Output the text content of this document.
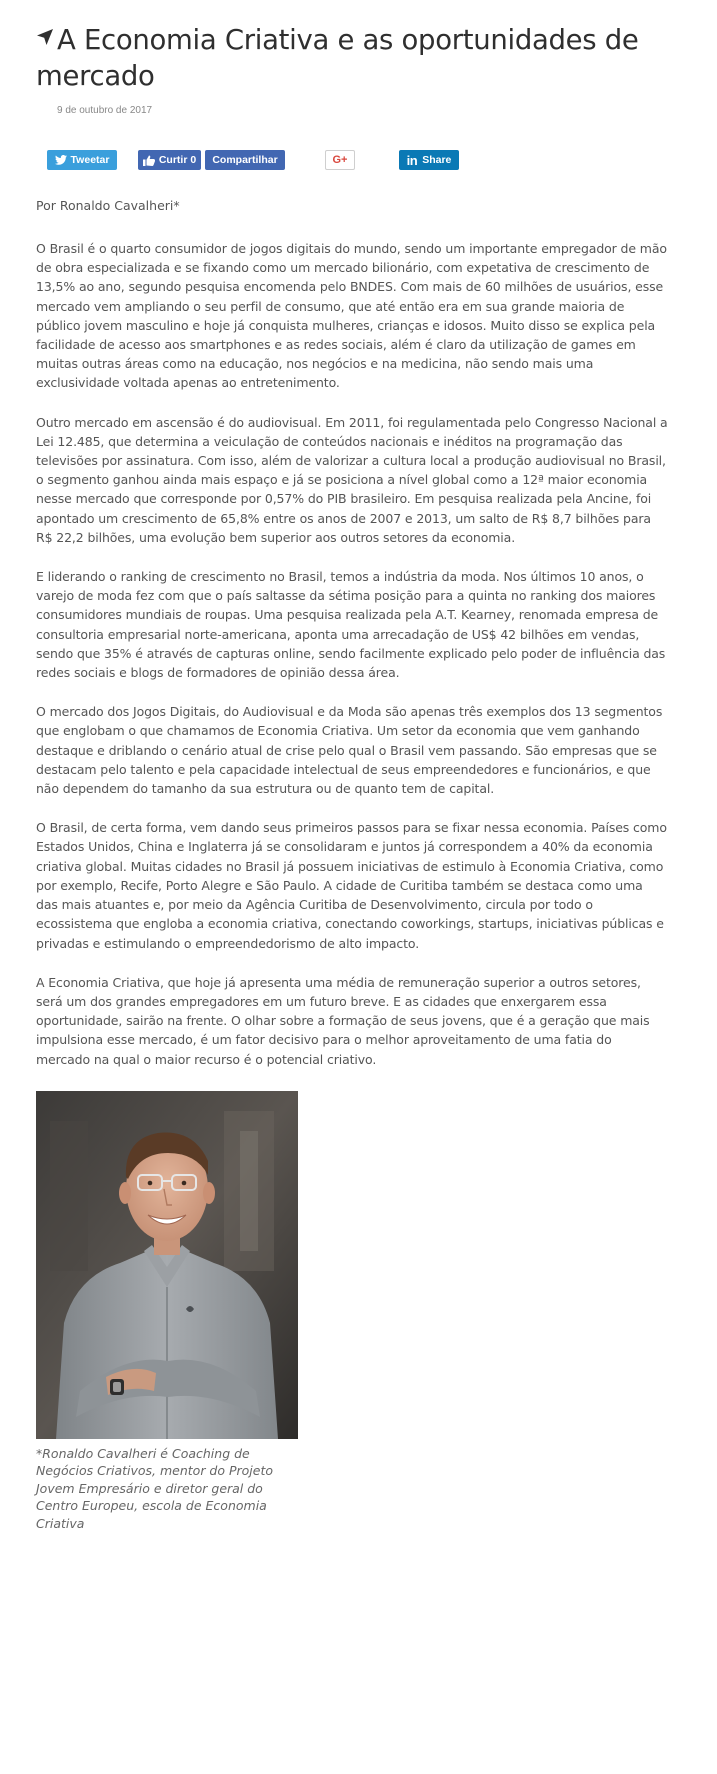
A Economia Criativa e as oportunidades de mercado
9 de outubro de 2017
Tweetar	Curtir 0 Compartilhar	G+	in Share

Por Ronaldo Cavalheri*

O Brasil é o quarto consumidor de jogos digitais do mundo, sendo um importante empregador de mão de obra especializada e se fixando como um mercado bilionário, com expetativa de crescimento de 13,5% ao ano, segundo pesquisa encomenda pelo BNDES. Com mais de 60 milhões de usuários, esse mercado vem ampliando o seu perfil de consumo, que até então era em sua grande maioria de público jovem masculino e hoje já conquista mulheres, crianças e idosos. Muito disso se explica pela facilidade de acesso aos smartphones e as redes sociais, além é claro da utilização de games em muitas outras áreas como na educação, nos negócios e na medicina, não sendo mais uma exclusividade voltada apenas ao entretenimento.

Outro mercado em ascensão é do audiovisual. Em 2011, foi regulamentada pelo Congresso Nacional a Lei 12.485, que determina a veiculação de conteúdos nacionais e inéditos na programação das televisões por assinatura. Com isso, além de valorizar a cultura local a produção audiovisual no Brasil, o segmento ganhou ainda mais espaço e já se posiciona a nível global como a 12ª maior economia nesse mercado que corresponde por 0,57% do PIB brasileiro. Em pesquisa realizada pela Ancine, foi apontado um crescimento de 65,8% entre os anos de 2007 e 2013, um salto de R$ 8,7 bilhões para R$ 22,2 bilhões, uma evolução bem superior aos outros setores da economia.

E liderando o ranking de crescimento no Brasil, temos a indústria da moda. Nos últimos 10 anos, o varejo de moda fez com que o país saltasse da sétima posição para a quinta no ranking dos maiores consumidores mundiais de roupas. Uma pesquisa realizada pela A.T. Kearney, renomada empresa de consultoria empresarial norte-americana, aponta uma arrecadação de US$ 42 bilhões em vendas, sendo que 35% é através de capturas online, sendo facilmente explicado pelo poder de influência das redes sociais e blogs de formadores de opinião dessa área.

O mercado dos Jogos Digitais, do Audiovisual e da Moda são apenas três exemplos dos 13 segmentos que englobam o que chamamos de Economia Criativa. Um setor da economia que vem ganhando destaque e driblando o cenário atual de crise pelo qual o Brasil vem passando. São empresas que se destacam pelo talento e pela capacidade intelectual de seus empreendedores e funcionários, e que não dependem do tamanho da sua estrutura ou de quanto tem de capital.

O Brasil, de certa forma, vem dando seus primeiros passos para se fixar nessa economia. Países como Estados Unidos, China e Inglaterra já se consolidaram e juntos já correspondem a 40% da economia criativa global. Muitas cidades no Brasil já possuem iniciativas de estimulo à Economia Criativa, como por exemplo, Recife, Porto Alegre e São Paulo. A cidade de Curitiba também se destaca como uma das mais atuantes e, por meio da Agência Curitiba de Desenvolvimento, circula por todo o ecossistema que engloba a economia criativa, conectando coworkings, startups, iniciativas públicas e privadas e estimulando o empreendedorismo de alto impacto.

A Economia Criativa, que hoje já apresenta uma média de remuneração superior a outros setores, será um dos grandes empregadores em um futuro breve. E as cidades que enxergarem essa oportunidade, sairão na frente. O olhar sobre a formação de seus jovens, que é a geração que mais impulsiona esse mercado, é um fator decisivo para o melhor aproveitamento de uma fatia do mercado na qual o maior recurso é o potencial criativo.

*Ronaldo Cavalheri é Coaching de Negócios Criativos, mentor do Projeto Jovem Empresário e diretor geral do Centro Europeu, escola de Economia Criativa
